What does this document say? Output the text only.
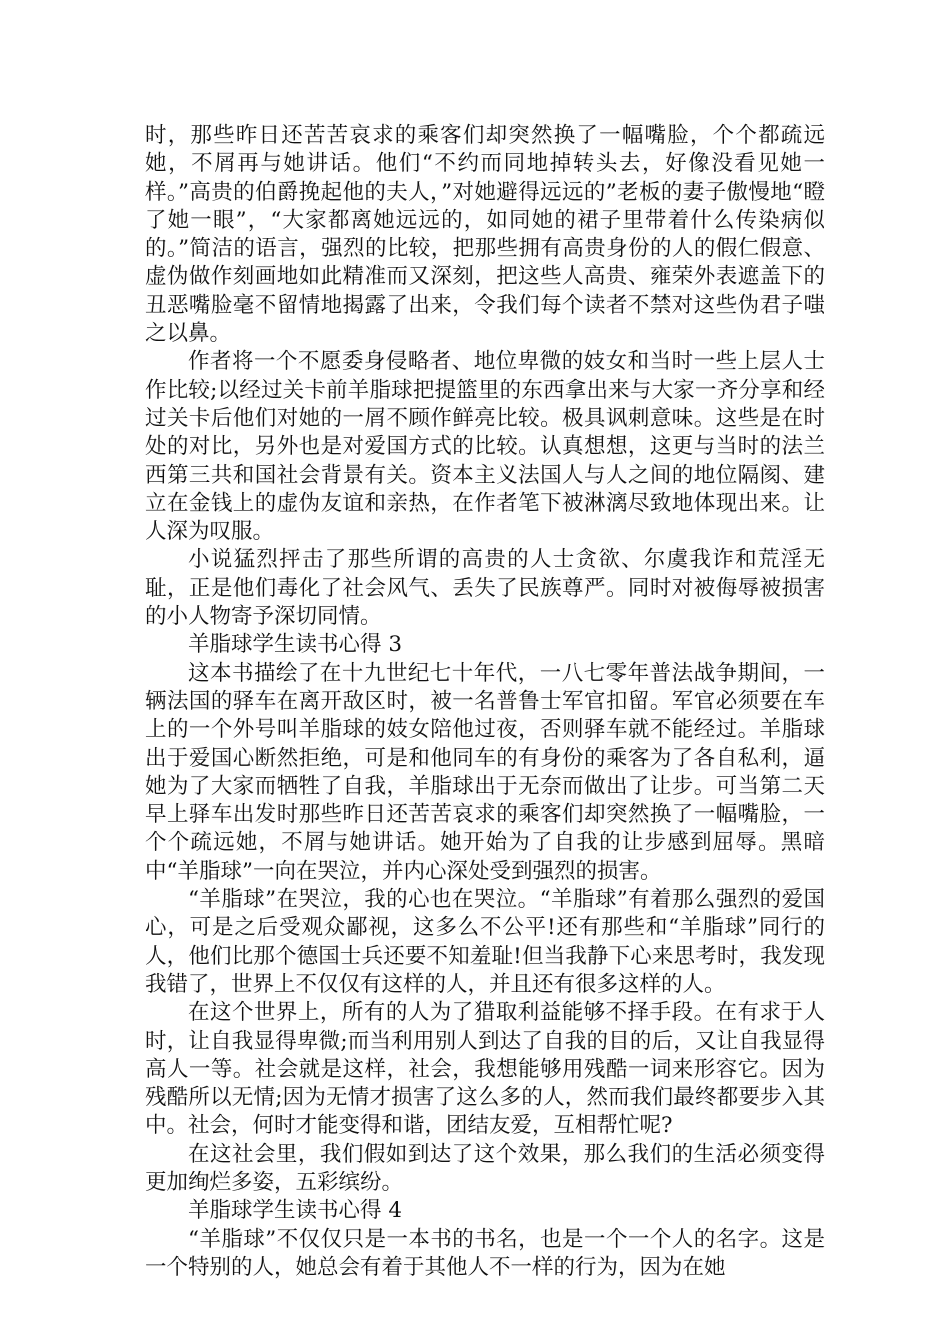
时，那些昨日还苦苦哀求的乘客们却突然换了一幅嘴脸，个个都疏远她，不屑再与她讲话。他们“不约而同地掉转头去，好像没看见她一样。”高贵的伯爵挽起他的夫人，”对她避得远远的”老板的妻子傲慢地“瞪了她一眼”，“大家都离她远远的，如同她的裙子里带着什么传染病似的。”简洁的语言，强烈的比较，把那些拥有高贵身份的人的假仁假意、虚伪做作刻画地如此精准而又深刻，把这些人高贵、雍荣外表遮盖下的丑恶嘴脸毫不留情地揭露了出来，令我们每个读者不禁对这些伪君子嗤之以鼻。

作者将一个不愿委身侵略者、地位卑微的妓女和当时一些上层人士作比较;以经过关卡前羊脂球把提篮里的东西拿出来与大家一齐分享和经过关卡后他们对她的一屑不顾作鲜亮比较。极具讽刺意味。这些是在时处的对比，另外也是对爱国方式的比较。认真想想，这更与当时的法兰西第三共和国社会背景有关。资本主义法国人与人之间的地位隔阂、建立在金钱上的虚伪友谊和亲热，在作者笔下被淋漓尽致地体现出来。让人深为叹服。

小说猛烈抨击了那些所谓的高贵的人士贪欲、尔虞我诈和荒淫无耻，正是他们毒化了社会风气、丢失了民族尊严。同时对被侮辱被损害的小人物寄予深切同情。

羊脂球学生读书心得 3

这本书描绘了在十九世纪七十年代，一八七零年普法战争期间，一辆法国的驿车在离开敌区时，被一名普鲁士军官扣留。军官必须要在车上的一个外号叫羊脂球的妓女陪他过夜，否则驿车就不能经过。羊脂球出于爱国心断然拒绝，可是和他同车的有身份的乘客为了各自私利，逼她为了大家而牺牲了自我，羊脂球出于无奈而做出了让步。可当第二天早上驿车出发时那些昨日还苦苦哀求的乘客们却突然换了一幅嘴脸，一个个疏远她，不屑与她讲话。她开始为了自我的让步感到屈辱。黑暗中“羊脂球”一向在哭泣，并内心深处受到强烈的损害。

“羊脂球”在哭泣，我的心也在哭泣。“羊脂球”有着那么强烈的爱国心，可是之后受观众鄙视，这多么不公平!还有那些和“羊脂球”同行的人，他们比那个德国士兵还要不知羞耻!但当我静下心来思考时，我发现我错了，世界上不仅仅有这样的人，并且还有很多这样的人。

在这个世界上，所有的人为了猎取利益能够不择手段。在有求于人时，让自我显得卑微;而当利用别人到达了自我的目的后，又让自我显得高人一等。社会就是这样，社会，我想能够用残酷一词来形容它。因为残酷所以无情;因为无情才损害了这么多的人，然而我们最终都要步入其中。社会，何时才能变得和谐，团结友爱，互相帮忙呢?

在这社会里，我们假如到达了这个效果，那么我们的生活必须变得更加绚烂多姿，五彩缤纷。

羊脂球学生读书心得 4

“羊脂球”不仅仅只是一本书的书名，也是一个一个人的名字。这是一个特别的人，她总会有着于其他人不一样的行为，因为在她
